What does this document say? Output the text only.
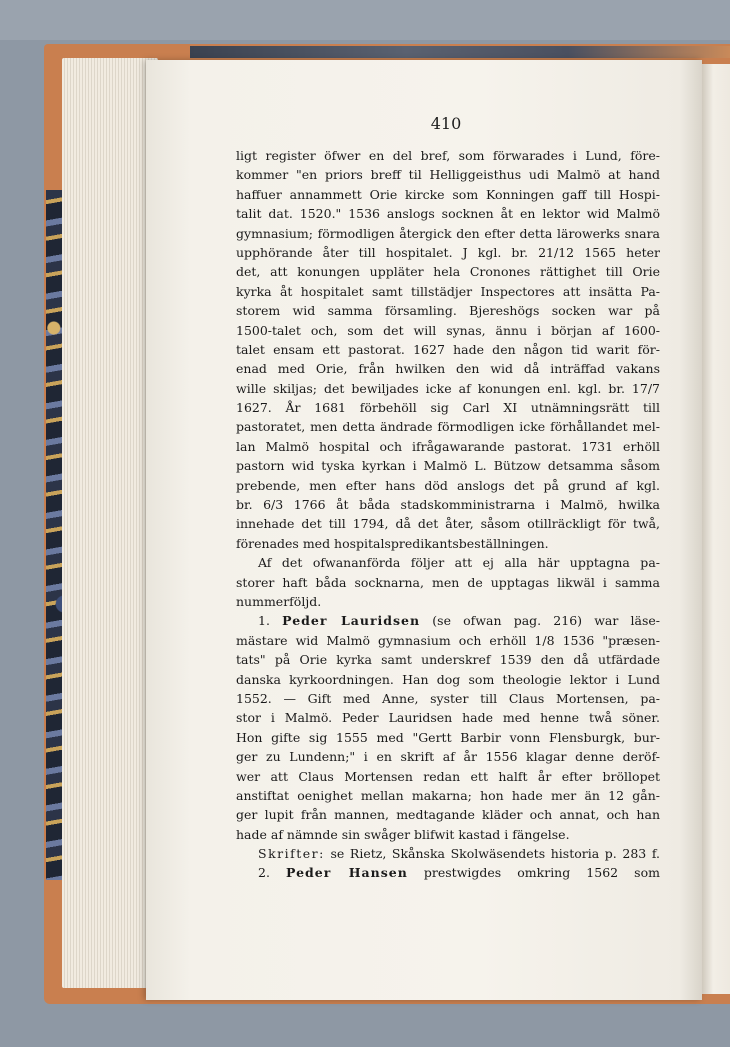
410
ligt register öfwer en del bref, som förwarades i Lund, före-
kommer "en priors breff til Helliggeisthus udi Malmö at hand
haffuer annammett Orie kircke som Konningen gaff till Hospi-
talit dat. 1520." 1536 anslogs socknen åt en lektor wid Malmö
gymnasium; förmodligen återgick den efter detta lärowerks snara
upphörande åter till hospitalet. J kgl. br. 21/12 1565 heter
det, att konungen uppläter hela Cronones rättighet till Orie
kyrka åt hospitalet samt tillstädjer Inspectores att insätta Pa-
storem wid samma församling. Bjereshögs socken war på
1500-talet och, som det will synas, ännu i början af 1600-
talet ensam ett pastorat. 1627 hade den någon tid warit för-
enad med Orie, från hwilken den wid då inträffad vakans
wille skiljas; det bewiljades icke af konungen enl. kgl. br. 17/7
1627. År 1681 förbehöll sig Carl XI utnämningsrätt till
pastoratet, men detta ändrade förmodligen icke förhållandet mel-
lan Malmö hospital och ifrågawarande pastorat. 1731 erhöll
pastorn wid tyska kyrkan i Malmö L. Bützow detsamma såsom
prebende, men efter hans död anslogs det på grund af kgl.
br. 6/3 1766 åt båda stadskomministrarna i Malmö, hwilka
innehade det till 1794, då det åter, såsom otillräckligt för twå,
förenades med hospitalspredikantsbeställningen.
Af det ofwananförda följer att ej alla här upptagna pa-
storer haft båda socknarna, men de upptagas likwäl i samma
nummerföljd.
1. Peder Lauridsen (se ofwan pag. 216) war läse-
mästare wid Malmö gymnasium och erhöll 1/8 1536 "præsen-
tats" på Orie kyrka samt underskref 1539 den då utfärdade
danska kyrkoordningen. Han dog som theologie lektor i Lund
1552. — Gift med Anne, syster till Claus Mortensen, pa-
stor i Malmö. Peder Lauridsen hade med henne twå söner.
Hon gifte sig 1555 med "Gertt Barbir vonn Flensburgk, bur-
ger zu Lundenn;" i en skrift af år 1556 klagar denne deröf-
wer att Claus Mortensen redan ett halft år efter bröllopet
anstiftat oenighet mellan makarna; hon hade mer än 12 gån-
ger lupit från mannen, medtagande kläder och annat, och han
hade af nämnde sin swåger blifwit kastad i fängelse.
Skrifter: se Rietz, Skånska Skolwäsendets historia p. 283 f.
2. Peder Hansen prestwigdes omkring 1562 som
